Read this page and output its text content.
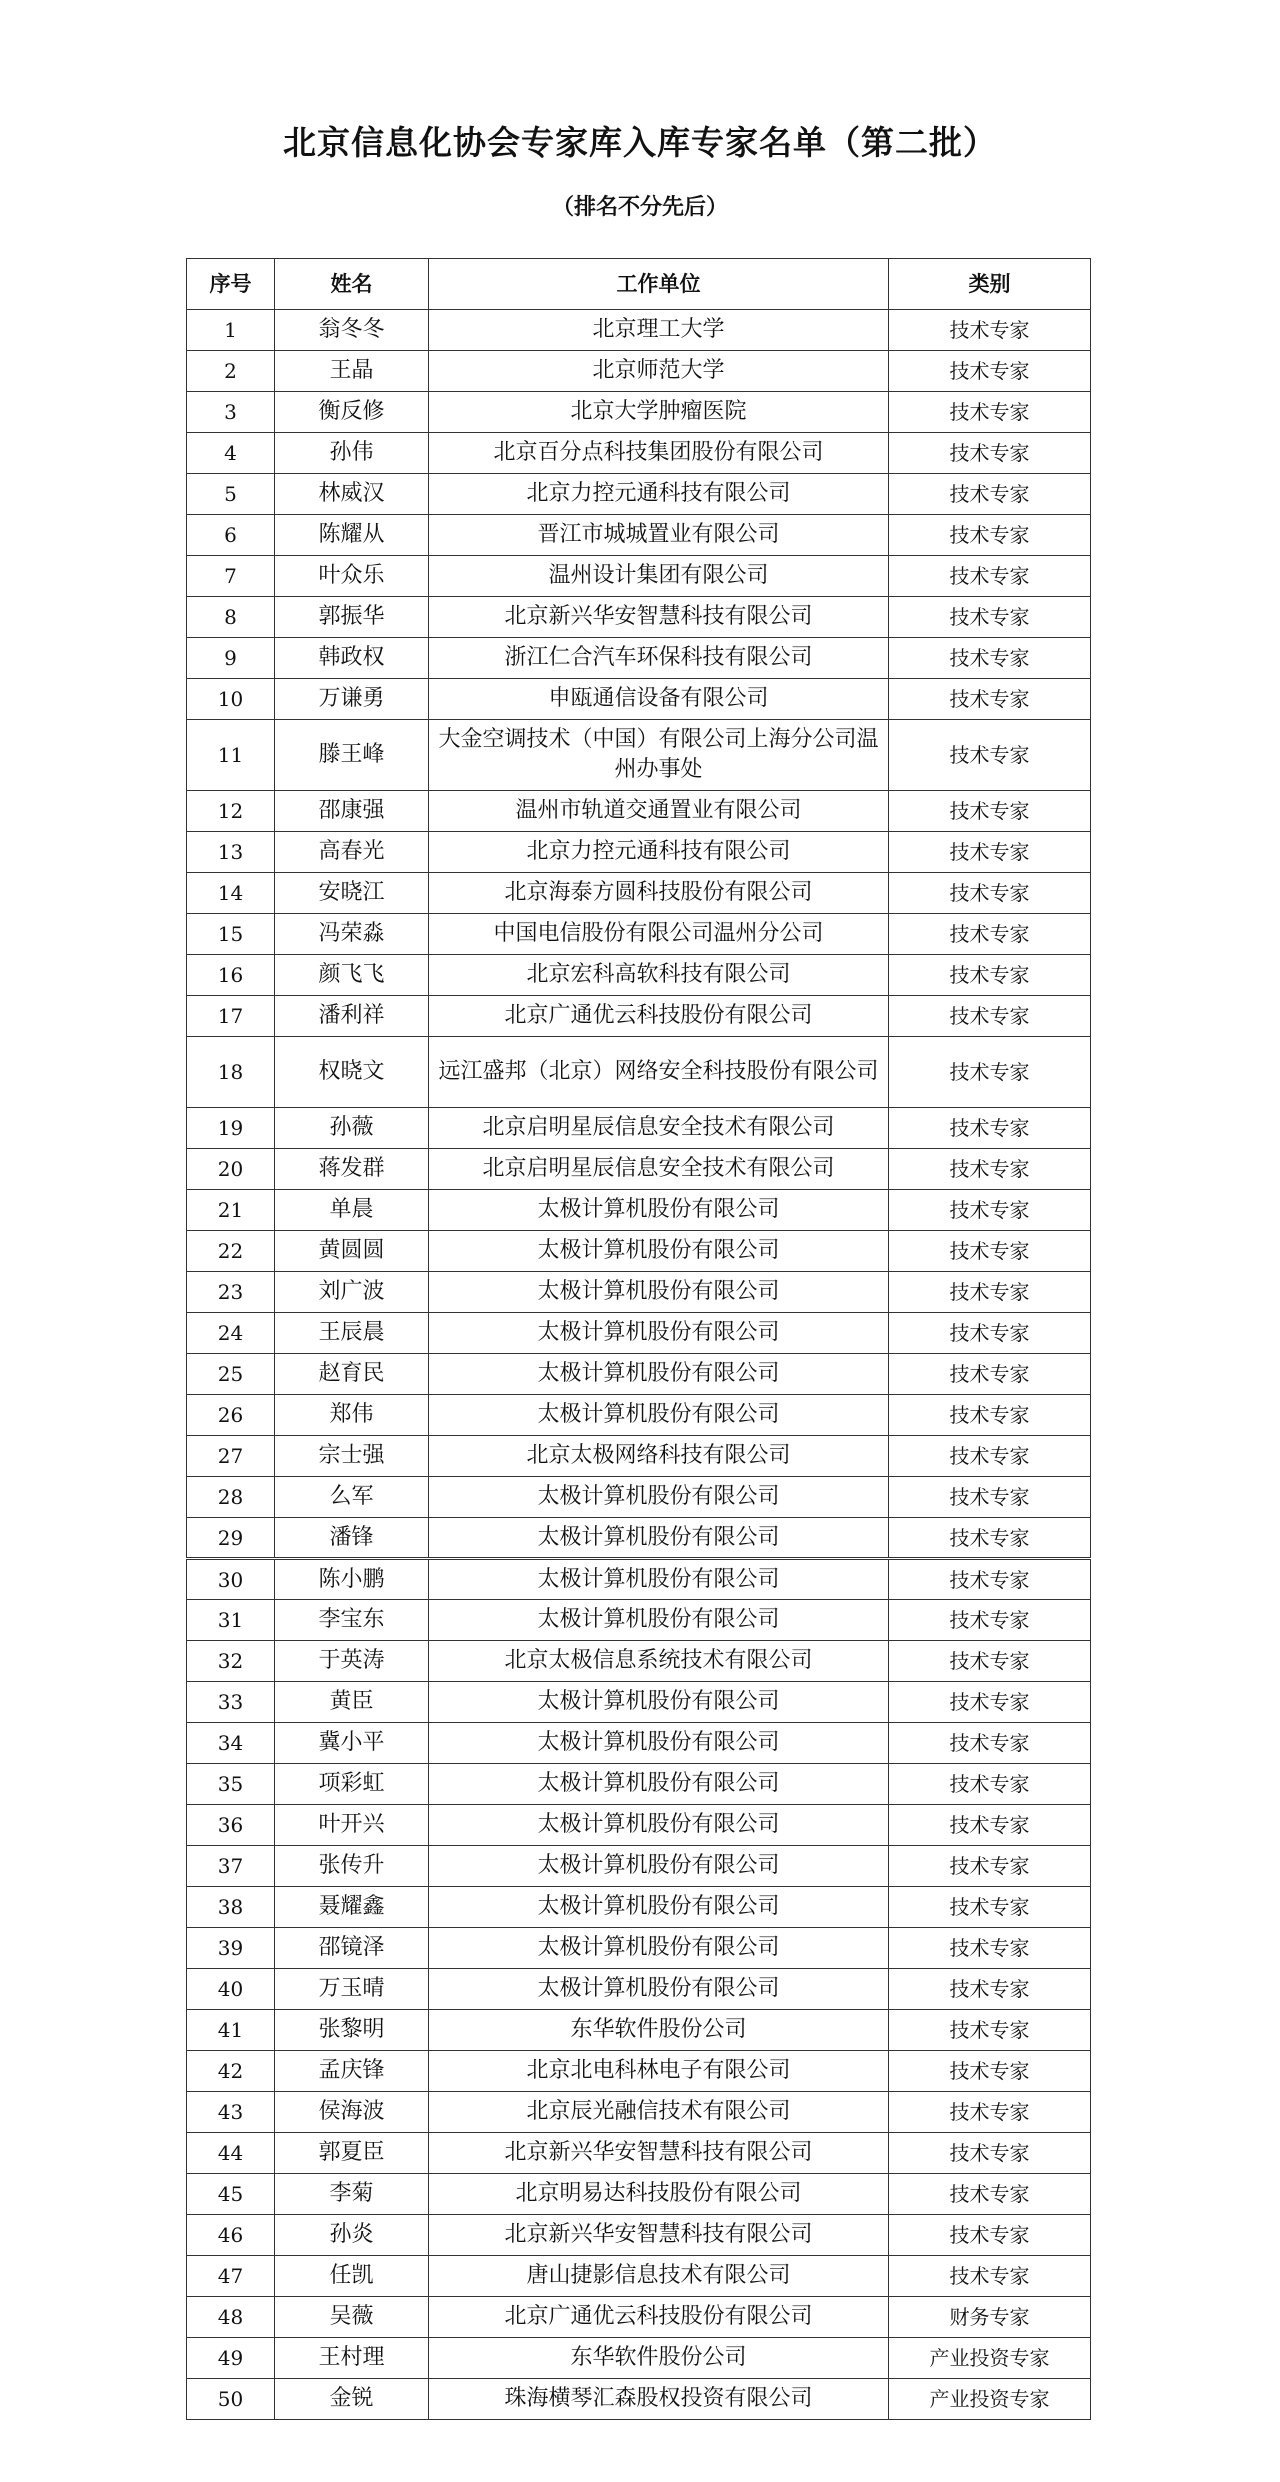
北京信息化协会专家库入库专家名单（第二批）
（排名不分先后）
序号	姓名	工作单位	类别
1	翁冬冬	北京理工大学	技术专家
2	王晶	北京师范大学	技术专家
3	衡反修	北京大学肿瘤医院	技术专家
4	孙伟	北京百分点科技集团股份有限公司	技术专家
5	林威汉	北京力控元通科技有限公司	技术专家
6	陈耀从	晋江市城城置业有限公司	技术专家
7	叶众乐	温州设计集团有限公司	技术专家
8	郭振华	北京新兴华安智慧科技有限公司	技术专家
9	韩政权	浙江仁合汽车环保科技有限公司	技术专家
10	万谦勇	申瓯通信设备有限公司	技术专家
11	滕王峰	大金空调技术（中国）有限公司上海分公司温州办事处	技术专家
12	邵康强	温州市轨道交通置业有限公司	技术专家
13	高春光	北京力控元通科技有限公司	技术专家
14	安晓江	北京海泰方圆科技股份有限公司	技术专家
15	冯荣淼	中国电信股份有限公司温州分公司	技术专家
16	颜飞飞	北京宏科高软科技有限公司	技术专家
17	潘利祥	北京广通优云科技股份有限公司	技术专家
18	权晓文	远江盛邦（北京）网络安全科技股份有限公司	技术专家
19	孙薇	北京启明星辰信息安全技术有限公司	技术专家
20	蒋发群	北京启明星辰信息安全技术有限公司	技术专家
21	单晨	太极计算机股份有限公司	技术专家
22	黄圆圆	太极计算机股份有限公司	技术专家
23	刘广波	太极计算机股份有限公司	技术专家
24	王辰晨	太极计算机股份有限公司	技术专家
25	赵育民	太极计算机股份有限公司	技术专家
26	郑伟	太极计算机股份有限公司	技术专家
27	宗士强	北京太极网络科技有限公司	技术专家
28	么军	太极计算机股份有限公司	技术专家
29	潘锋	太极计算机股份有限公司	技术专家
30	陈小鹏	太极计算机股份有限公司	技术专家
31	李宝东	太极计算机股份有限公司	技术专家
32	于英涛	北京太极信息系统技术有限公司	技术专家
33	黄臣	太极计算机股份有限公司	技术专家
34	冀小平	太极计算机股份有限公司	技术专家
35	项彩虹	太极计算机股份有限公司	技术专家
36	叶开兴	太极计算机股份有限公司	技术专家
37	张传升	太极计算机股份有限公司	技术专家
38	聂耀鑫	太极计算机股份有限公司	技术专家
39	邵镜泽	太极计算机股份有限公司	技术专家
40	万玉晴	太极计算机股份有限公司	技术专家
41	张黎明	东华软件股份公司	技术专家
42	孟庆锋	北京北电科林电子有限公司	技术专家
43	侯海波	北京辰光融信技术有限公司	技术专家
44	郭夏臣	北京新兴华安智慧科技有限公司	技术专家
45	李菊	北京明易达科技股份有限公司	技术专家
46	孙炎	北京新兴华安智慧科技有限公司	技术专家
47	任凯	唐山捷影信息技术有限公司	技术专家
48	吴薇	北京广通优云科技股份有限公司	财务专家
49	王村理	东华软件股份公司	产业投资专家
50	金锐	珠海横琴汇森股权投资有限公司	产业投资专家
